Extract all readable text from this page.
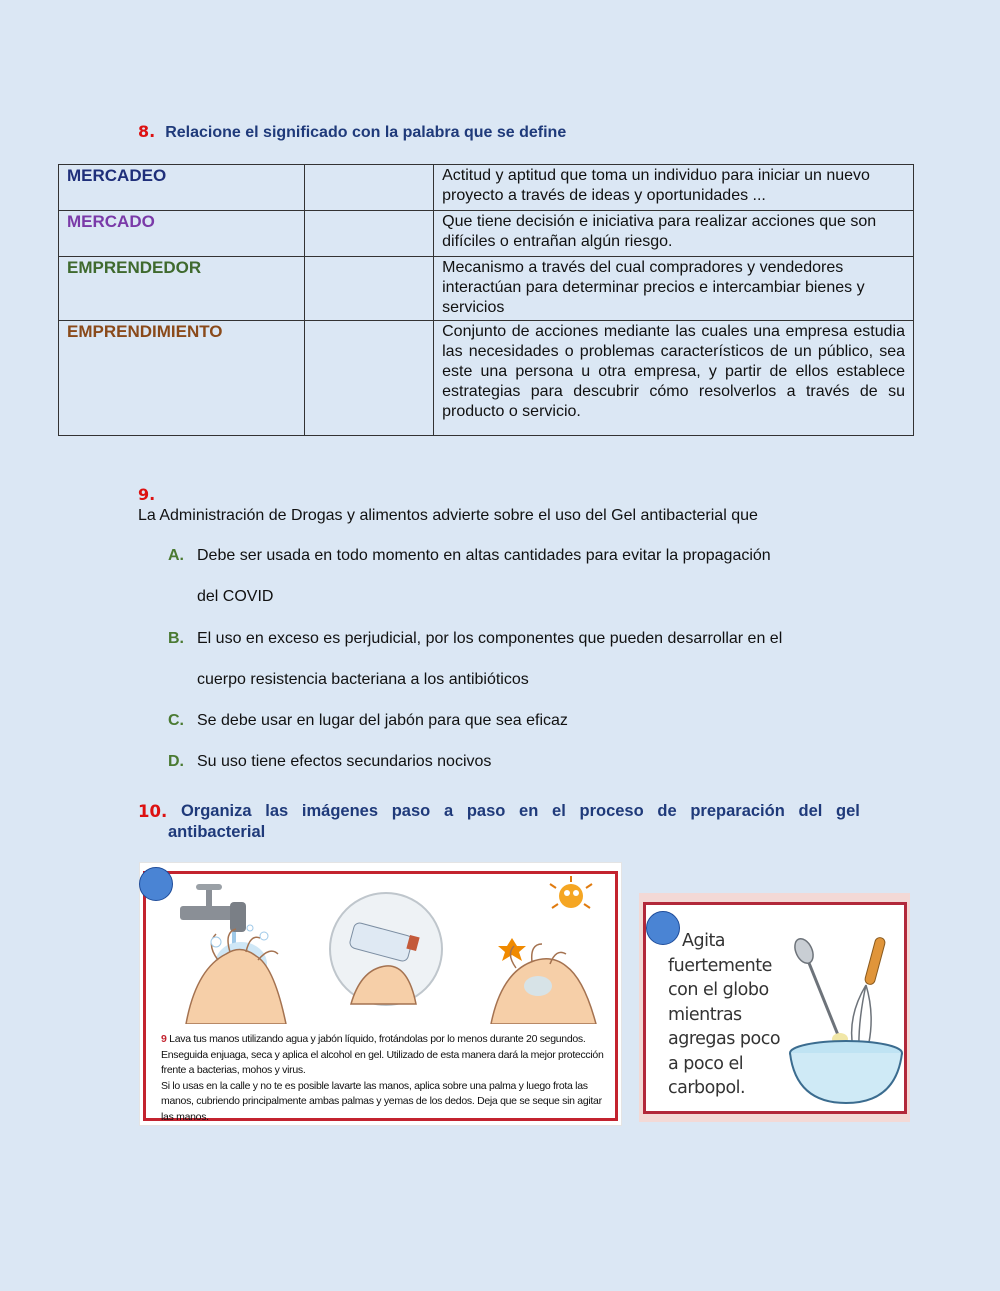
8. Relacione el significado con la palabra que se define
MERCADEO		Actitud y aptitud que toma un individuo para iniciar un nuevo proyecto a través de ideas y oportunidades ...
MERCADO		Que tiene decisión e iniciativa para realizar acciones que son difíciles o entrañan algún riesgo.
EMPRENDEDOR		Mecanismo a través del cual compradores y vendedores interactúan para determinar precios e intercambiar bienes y servicios
EMPRENDIMIENTO		Conjunto de acciones mediante las cuales una empresa estudia las necesidades o problemas característicos de un público, sea este una persona u otra empresa, y partir de ellos establece estrategias para descubrir cómo resolverlos a través de su producto o servicio.
9.La Administración de Drogas y alimentos advierte sobre el uso del Gel antibacterial que
A. Debe ser usada en todo momento en altas cantidades para evitar la propagación
del COVID
B. El uso en exceso es perjudicial, por los componentes que pueden desarrollar en el
cuerpo resistencia bacteriana a los antibióticos
C. Se debe usar en lugar del jabón para que sea eficaz
D. Su uso tiene efectos secundarios nocivos
10. Organiza las imágenes paso a paso en el proceso de preparación del gel
antibacterial
9 Lava tus manos utilizando agua y jabón líquido, frotándolas por lo menos durante 20 segundos. Enseguida enjuaga, seca y aplica el alcohol en gel. Utilizado de esta manera dará la mejor protección frente a bacterias, mohos y virus.
Si lo usas en la calle y no te es posible lavarte las manos, aplica sobre una palma y luego frota las manos, cubriendo principalmente ambas palmas y yemas de los dedos. Deja que se seque sin agitar las manos.
Agita
fuertemente
con el globo
mientras
agregas poco
a poco el
carbopol.
